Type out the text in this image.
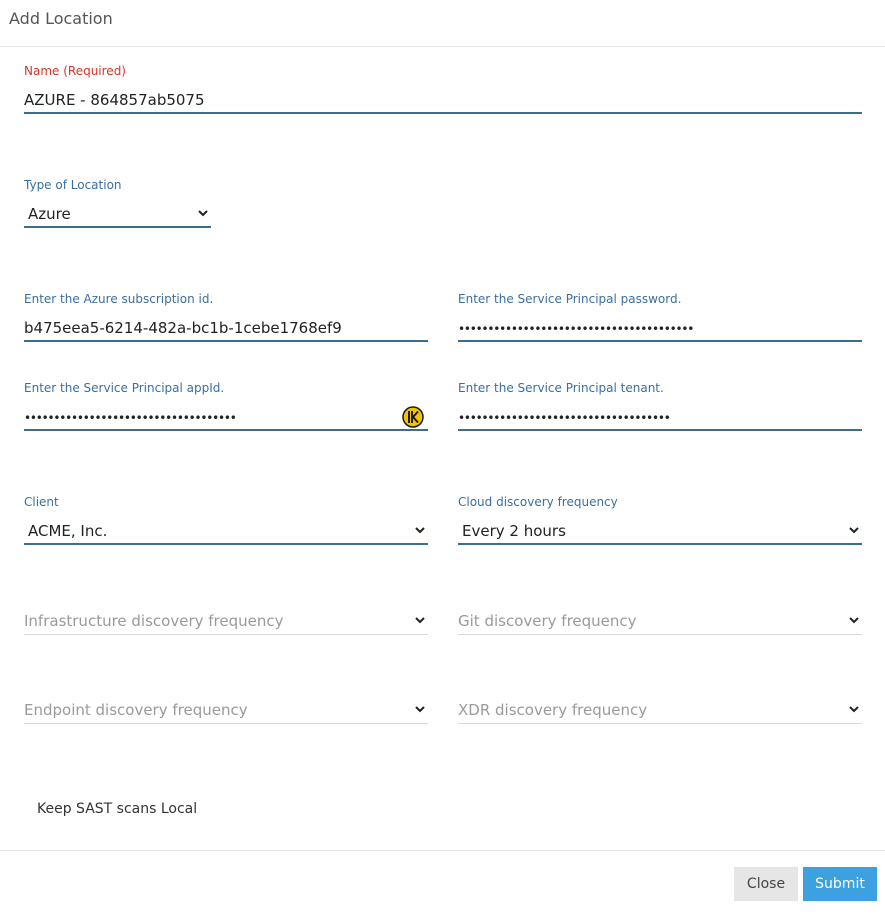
Add Location
Name (Required)
AZURE - 864857ab5075
Type of Location
Azure
Enter the Azure subscription id.
b475eea5-6214-482a-bc1b-1cebe1768ef9
Enter the Service Principal password.
••••••••••••••••••••••••••••••••••••••••
Enter the Service Principal appId.
••••••••••••••••••••••••••••••••••••
Enter the Service Principal tenant.
••••••••••••••••••••••••••••••••••••
Client
ACME, Inc.
Cloud discovery frequency
Every 2 hours
Infrastructure discovery frequency	Git discovery frequency
Endpoint discovery frequency	XDR discovery frequency
Keep SAST scans Local
Close	Submit
